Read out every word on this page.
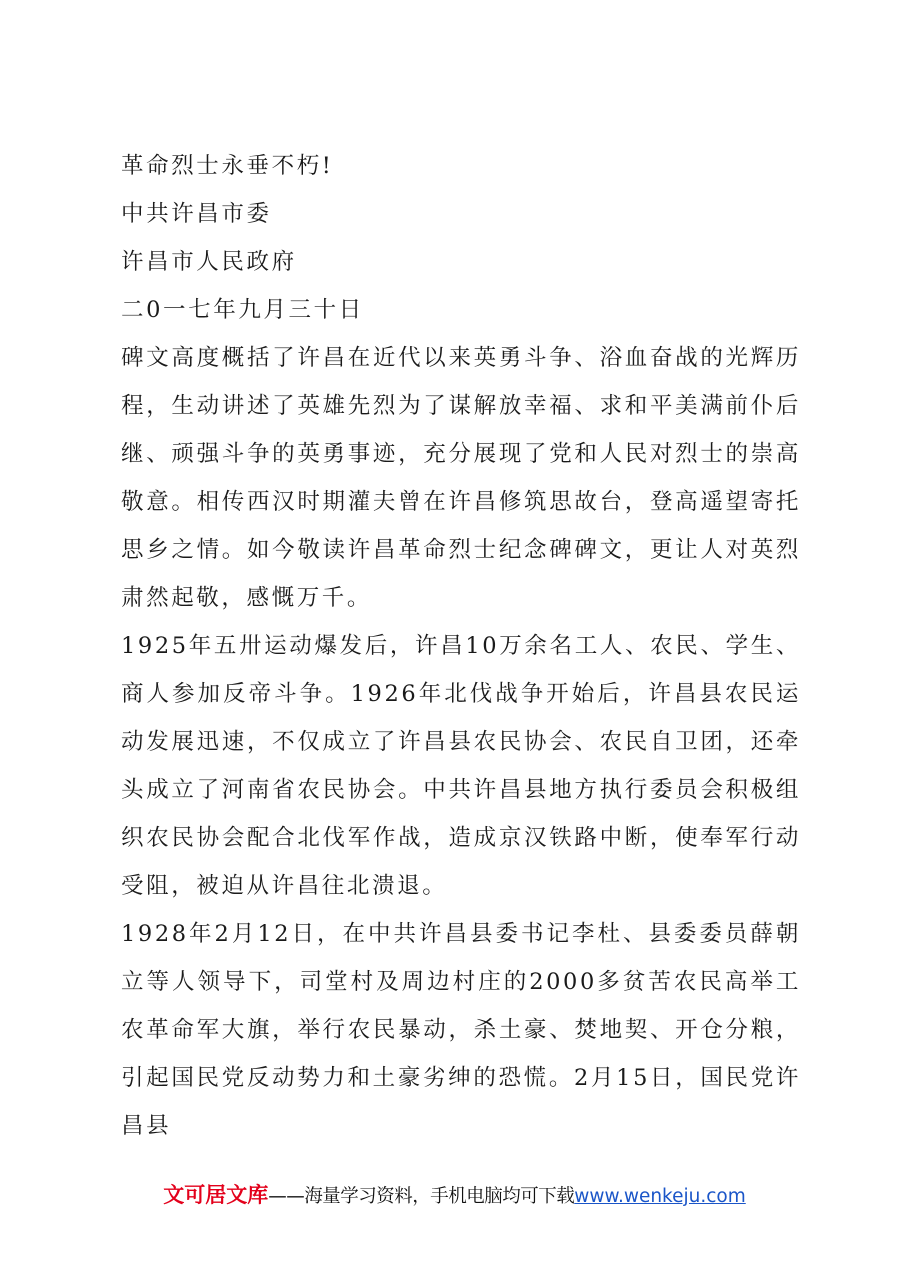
革命烈士永垂不朽!

中共许昌市委

许昌市人民政府

二0一七年九月三十日

碑文高度概括了许昌在近代以来英勇斗争、浴血奋战的光辉历程，生动讲述了英雄先烈为了谋解放幸福、求和平美满前仆后继、顽强斗争的英勇事迹，充分展现了党和人民对烈士的崇高敬意。相传西汉时期灌夫曾在许昌修筑思故台，登高遥望寄托思乡之情。如今敬读许昌革命烈士纪念碑碑文，更让人对英烈肃然起敬，感慨万千。

1925年五卅运动爆发后，许昌10万余名工人、农民、学生、商人参加反帝斗争。1926年北伐战争开始后，许昌县农民运动发展迅速，不仅成立了许昌县农民协会、农民自卫团，还牵头成立了河南省农民协会。中共许昌县地方执行委员会积极组织农民协会配合北伐军作战，造成京汉铁路中断，使奉军行动受阻，被迫从许昌往北溃退。

1928年2月12日，在中共许昌县委书记李杜、县委委员薛朝立等人领导下，司堂村及周边村庄的2000多贫苦农民高举工农革命军大旗，举行农民暴动，杀土豪、焚地契、开仓分粮，引起国民党反动势力和土豪劣绅的恐慌。2月15日，国民党许昌县

文可居文库——海量学习资料，手机电脑均可下载www.wenkeju.com
